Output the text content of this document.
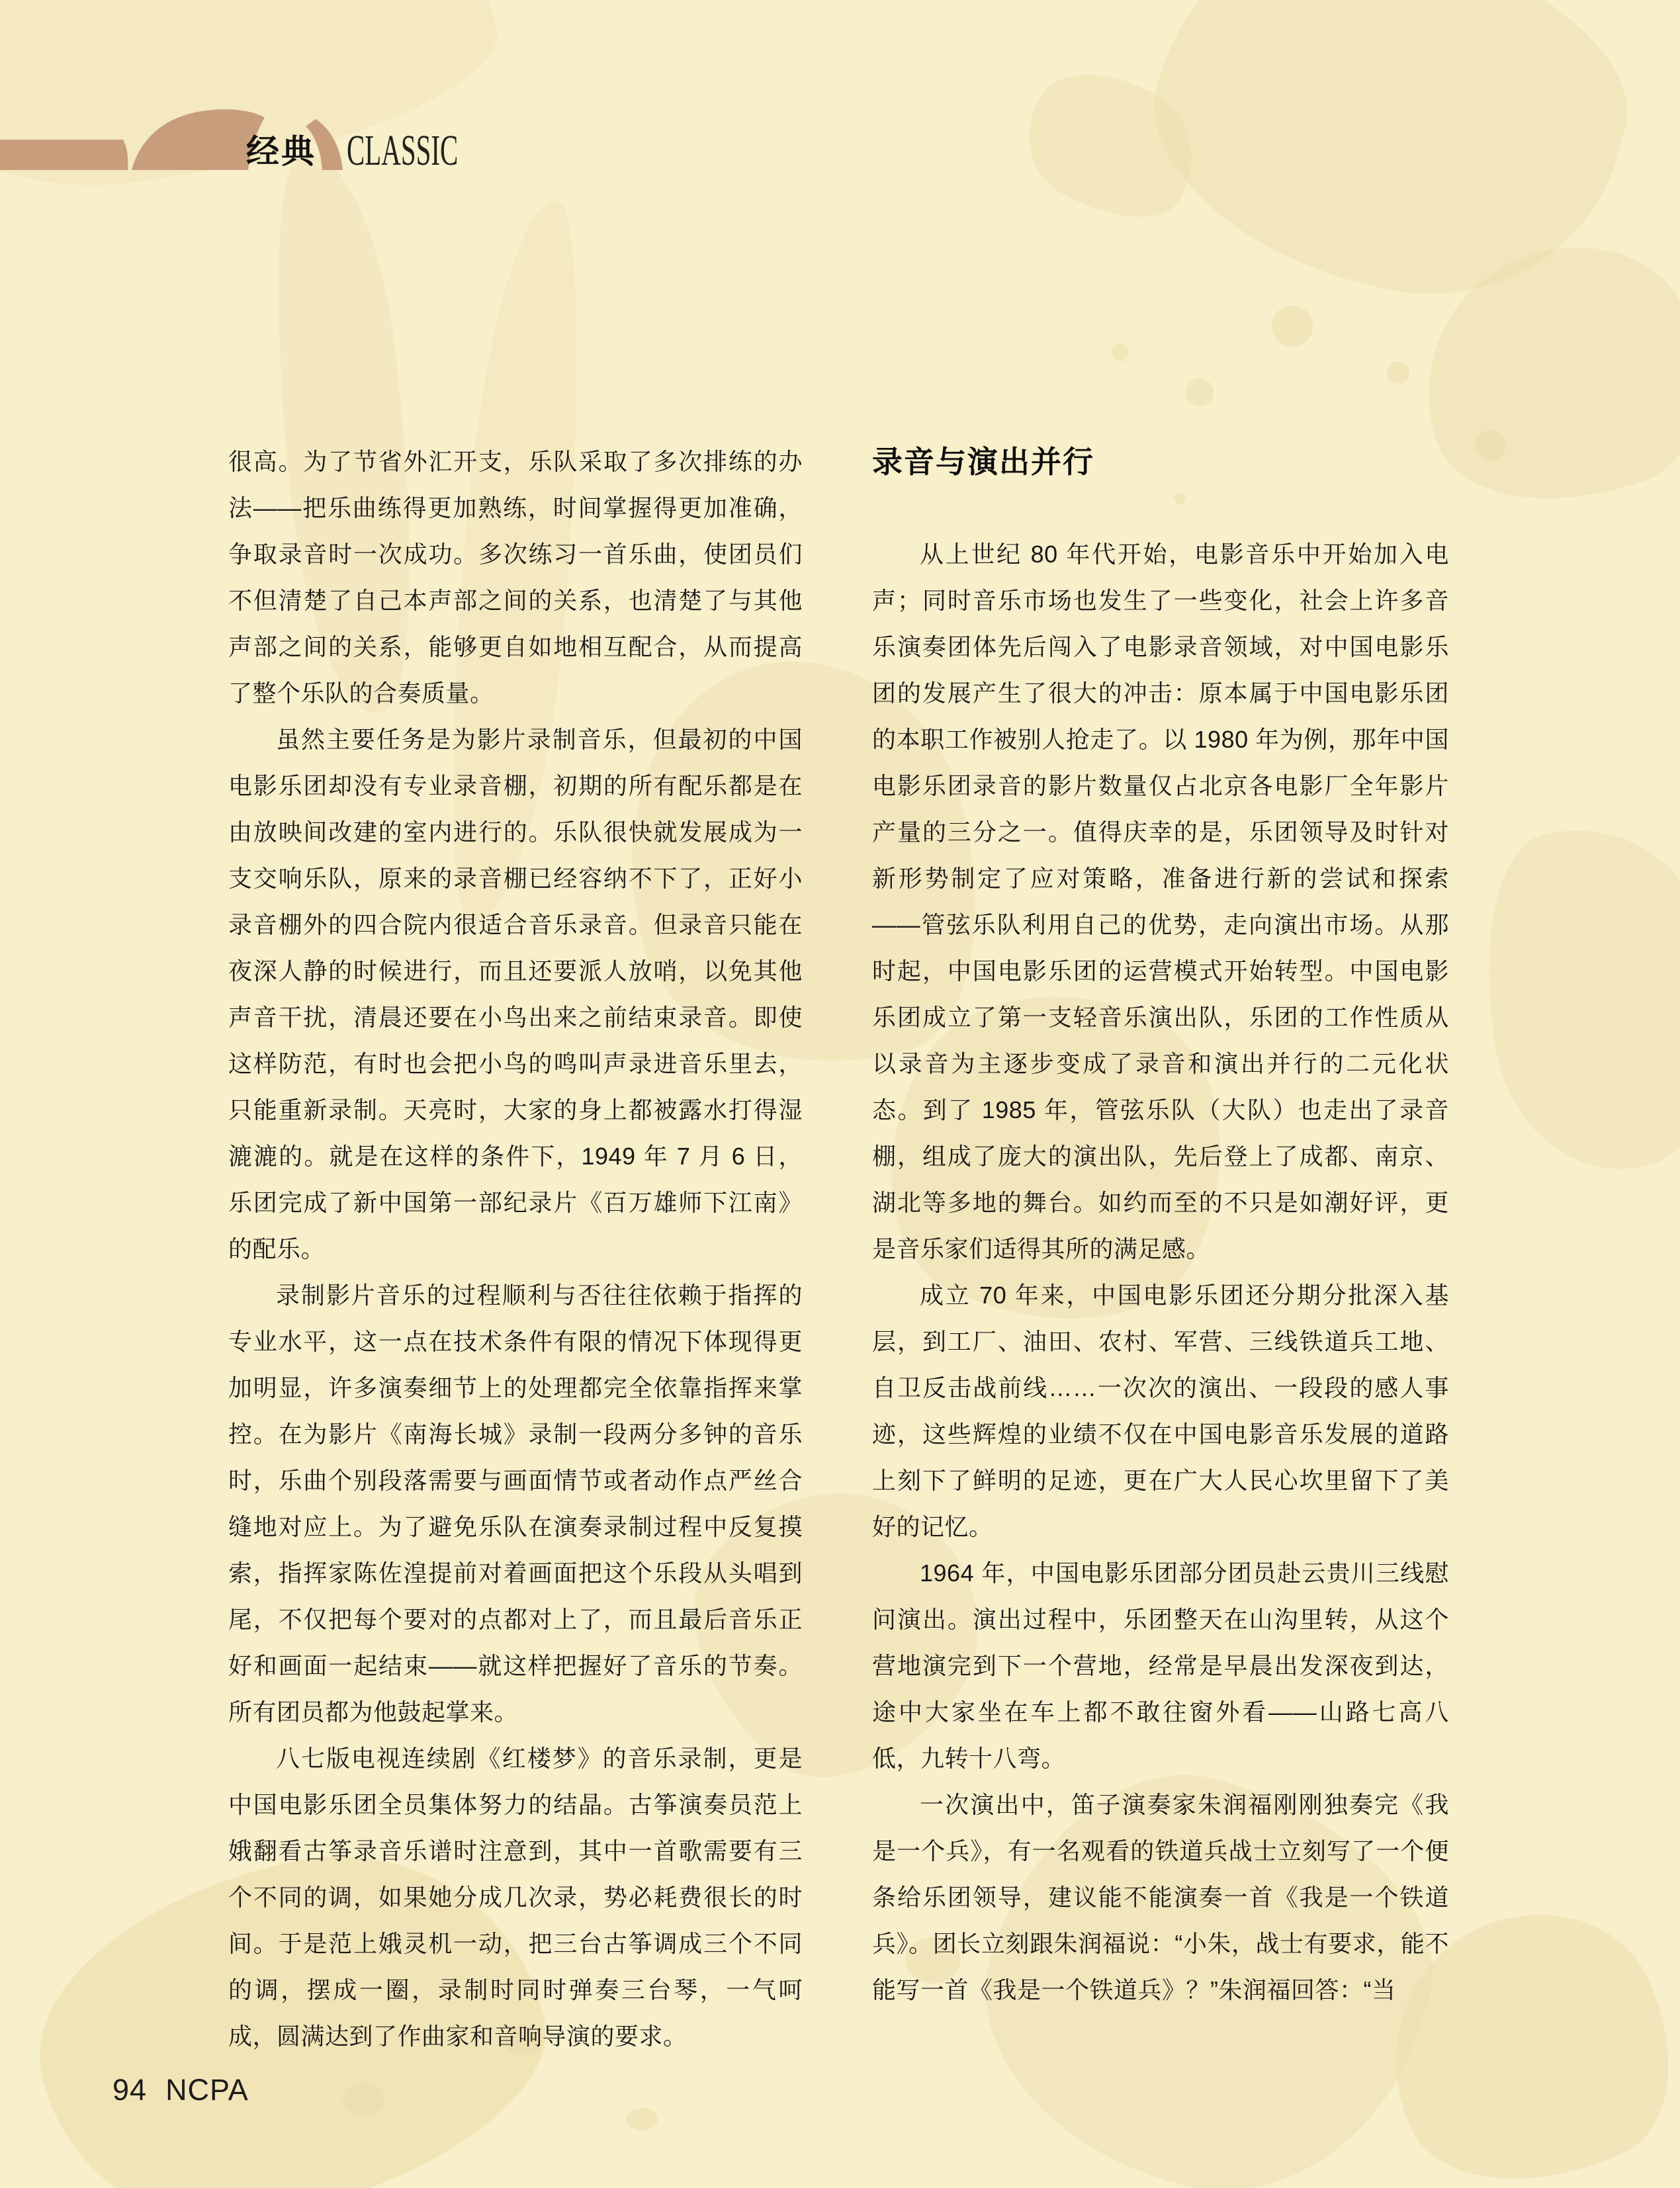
经典 CLASSIC

很高。为了节省外汇开支，乐队采取了多次排练的办法——把乐曲练得更加熟练，时间掌握得更加准确，争取录音时一次成功。多次练习一首乐曲，使团员们不但清楚了自己本声部之间的关系，也清楚了与其他声部之间的关系，能够更自如地相互配合，从而提高了整个乐队的合奏质量。

虽然主要任务是为影片录制音乐，但最初的中国电影乐团却没有专业录音棚，初期的所有配乐都是在由放映间改建的室内进行的。乐队很快就发展成为一支交响乐队，原来的录音棚已经容纳不下了，正好小录音棚外的四合院内很适合音乐录音。但录音只能在夜深人静的时候进行，而且还要派人放哨，以免其他声音干扰，清晨还要在小鸟出来之前结束录音。即使这样防范，有时也会把小鸟的鸣叫声录进音乐里去，只能重新录制。天亮时，大家的身上都被露水打得湿漉漉的。就是在这样的条件下，1949 年 7 月 6 日，乐团完成了新中国第一部纪录片《百万雄师下江南》的配乐。

录制影片音乐的过程顺利与否往往依赖于指挥的专业水平，这一点在技术条件有限的情况下体现得更加明显，许多演奏细节上的处理都完全依靠指挥来掌控。在为影片《南海长城》录制一段两分多钟的音乐时，乐曲个别段落需要与画面情节或者动作点严丝合缝地对应上。为了避免乐队在演奏录制过程中反复摸索，指挥家陈佐湟提前对着画面把这个乐段从头唱到尾，不仅把每个要对的点都对上了，而且最后音乐正好和画面一起结束——就这样把握好了音乐的节奏。所有团员都为他鼓起掌来。

八七版电视连续剧《红楼梦》的音乐录制，更是中国电影乐团全员集体努力的结晶。古筝演奏员范上娥翻看古筝录音乐谱时注意到，其中一首歌需要有三个不同的调，如果她分成几次录，势必耗费很长的时间。于是范上娥灵机一动，把三台古筝调成三个不同的调，摆成一圈，录制时同时弹奏三台琴，一气呵成，圆满达到了作曲家和音响导演的要求。

录音与演出并行

从上世纪 80 年代开始，电影音乐中开始加入电声；同时音乐市场也发生了一些变化，社会上许多音乐演奏团体先后闯入了电影录音领域，对中国电影乐团的发展产生了很大的冲击：原本属于中国电影乐团的本职工作被别人抢走了。以 1980 年为例，那年中国电影乐团录音的影片数量仅占北京各电影厂全年影片产量的三分之一。值得庆幸的是，乐团领导及时针对新形势制定了应对策略，准备进行新的尝试和探索——管弦乐队利用自己的优势，走向演出市场。从那时起，中国电影乐团的运营模式开始转型。中国电影乐团成立了第一支轻音乐演出队，乐团的工作性质从以录音为主逐步变成了录音和演出并行的二元化状态。到了 1985 年，管弦乐队（大队）也走出了录音棚，组成了庞大的演出队，先后登上了成都、南京、湖北等多地的舞台。如约而至的不只是如潮好评，更是音乐家们适得其所的满足感。

成立 70 年来，中国电影乐团还分期分批深入基层，到工厂、油田、农村、军营、三线铁道兵工地、自卫反击战前线……一次次的演出、一段段的感人事迹，这些辉煌的业绩不仅在中国电影音乐发展的道路上刻下了鲜明的足迹，更在广大人民心坎里留下了美好的记忆。

1964 年，中国电影乐团部分团员赴云贵川三线慰问演出。演出过程中，乐团整天在山沟里转，从这个营地演完到下一个营地，经常是早晨出发深夜到达，途中大家坐在车上都不敢往窗外看——山路七高八低，九转十八弯。

一次演出中，笛子演奏家朱润福刚刚独奏完《我是一个兵》，有一名观看的铁道兵战士立刻写了一个便条给乐团领导，建议能不能演奏一首《我是一个铁道兵》。团长立刻跟朱润福说：“小朱，战士有要求，能不能写一首《我是一个铁道兵》？”朱润福回答：“当

94 NCPA
